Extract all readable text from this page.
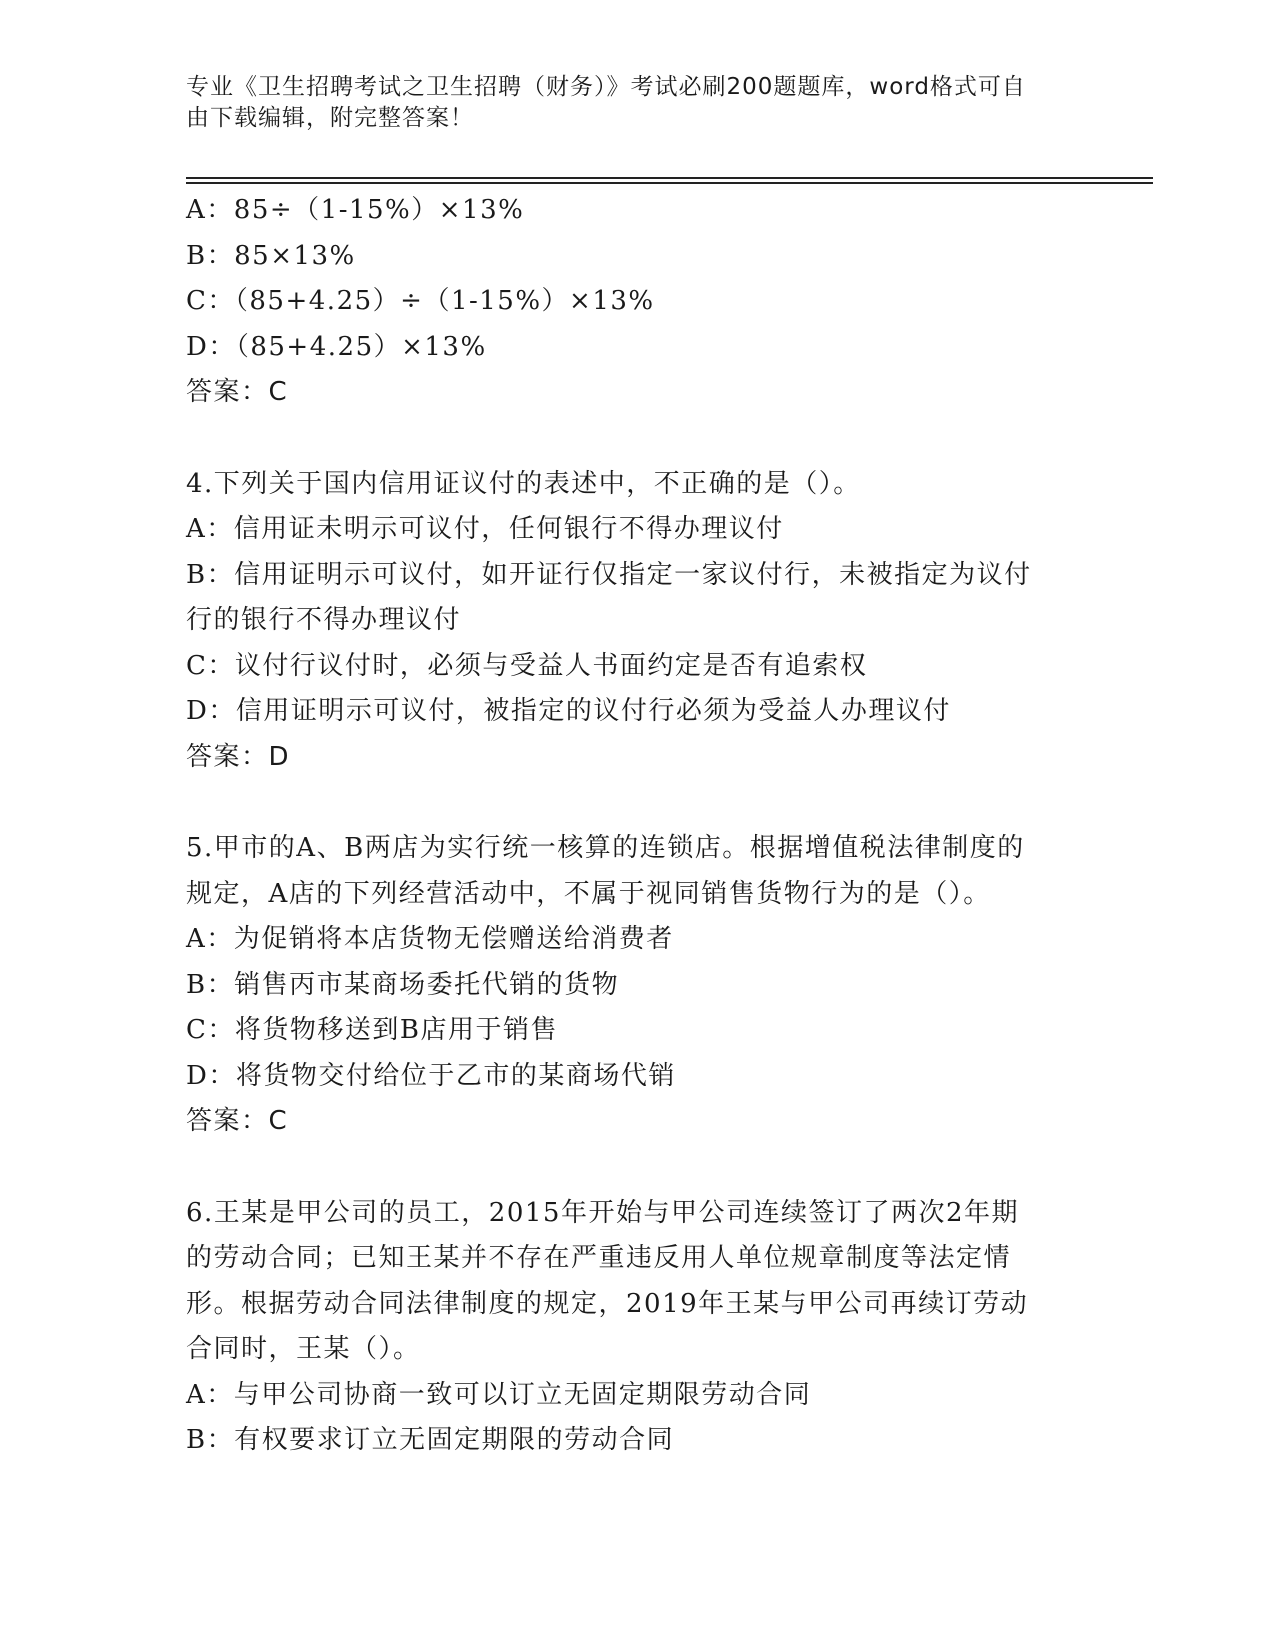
专业《卫生招聘考试之卫生招聘（财务）》考试必刷200题题库，word格式可自
由下载编辑，附完整答案！
A：85÷（1-15%）×13%
B：85×13%
C：（85+4.25）÷（1-15%）×13%
D：（85+4.25）×13%
答案：C
4.下列关于国内信用证议付的表述中，不正确的是（）。
A：信用证未明示可议付，任何银行不得办理议付
B：信用证明示可议付，如开证行仅指定一家议付行，未被指定为议付
行的银行不得办理议付
C：议付行议付时，必须与受益人书面约定是否有追索权
D：信用证明示可议付，被指定的议付行必须为受益人办理议付
答案：D
5.甲市的A、B两店为实行统一核算的连锁店。根据增值税法律制度的
规定，A店的下列经营活动中，不属于视同销售货物行为的是（）。
A：为促销将本店货物无偿赠送给消费者
B：销售丙市某商场委托代销的货物
C：将货物移送到B店用于销售
D：将货物交付给位于乙市的某商场代销
答案：C
6.王某是甲公司的员工，2015年开始与甲公司连续签订了两次2年期
的劳动合同；已知王某并不存在严重违反用人单位规章制度等法定情
形。根据劳动合同法律制度的规定，2019年王某与甲公司再续订劳动
合同时，王某（）。
A：与甲公司协商一致可以订立无固定期限劳动合同
B：有权要求订立无固定期限的劳动合同
